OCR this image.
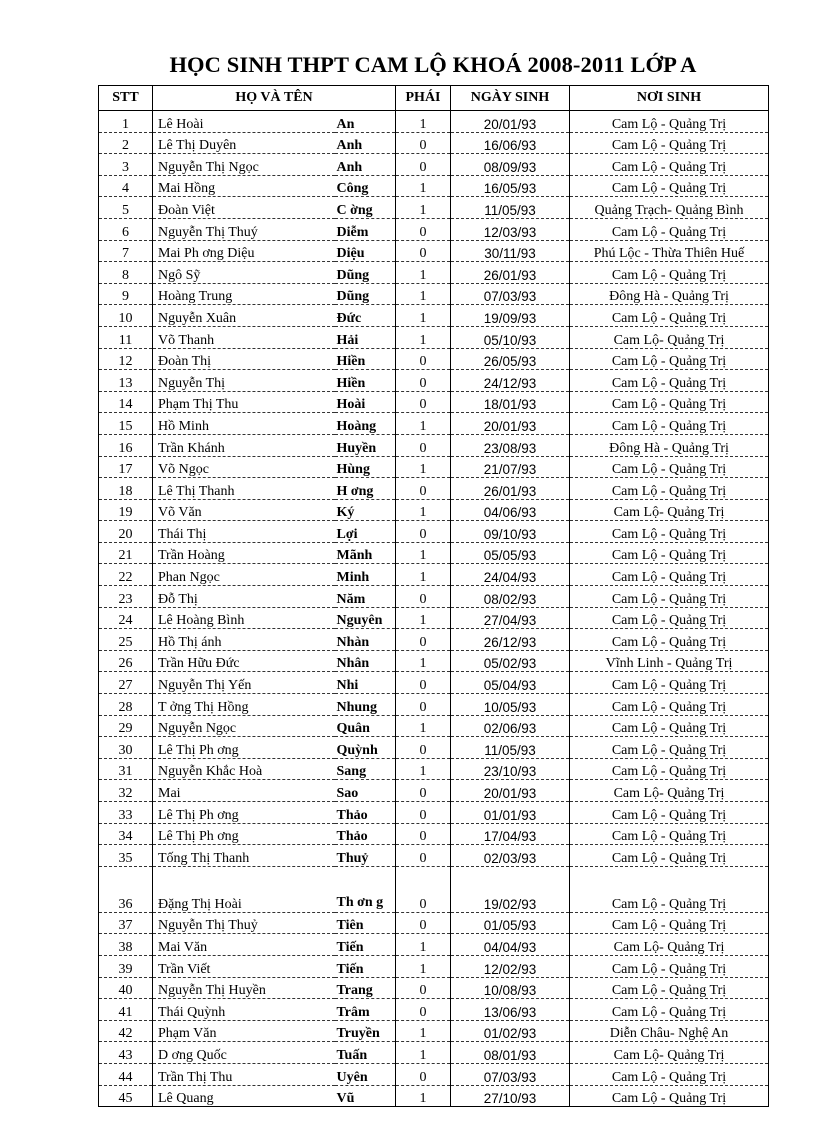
HỌC SINH THPT CAM LỘ KHOÁ 2008-2011 LỚP A
STT	HỌ VÀ TÊN		PHÁI	NGÀY SINH	NƠI SINH
1	Lê Hoài	An	1	20/01/93	Cam Lộ - Quảng Trị
2	Lê Thị Duyên	Anh	0	16/06/93	Cam Lộ - Quảng Trị
3	Nguyễn Thị Ngọc	Anh	0	08/09/93	Cam Lộ - Quảng Trị
4	Mai Hồng	Công	1	16/05/93	Cam Lộ - Quảng Trị
5	Đoàn Việt	C ờng	1	11/05/93	Quảng Trạch- Quảng Bình
6	Nguyễn Thị Thuý	Diễm	0	12/03/93	Cam Lộ - Quảng Trị
7	Mai Ph ơng Diệu	Diệu	0	30/11/93	Phú Lộc - Thừa Thiên Huế
8	Ngô Sỹ	Dũng	1	26/01/93	Cam Lộ - Quảng Trị
9	Hoàng Trung	Dũng	1	07/03/93	Đông Hà - Quảng Trị
10	Nguyễn Xuân	Đức	1	19/09/93	Cam Lộ - Quảng Trị
11	Võ Thanh	Hải	1	05/10/93	Cam Lộ- Quảng Trị
12	Đoàn Thị	Hiền	0	26/05/93	Cam Lộ - Quảng Trị
13	Nguyễn Thị	Hiền	0	24/12/93	Cam Lộ - Quảng Trị
14	Phạm Thị Thu	Hoài	0	18/01/93	Cam Lộ - Quảng Trị
15	Hồ Minh	Hoàng	1	20/01/93	Cam Lộ - Quảng Trị
16	Trần Khánh	Huyền	0	23/08/93	Đông Hà - Quảng Trị
17	Võ Ngọc	Hùng	1	21/07/93	Cam Lộ - Quảng Trị
18	Lê Thị Thanh	H ơng	0	26/01/93	Cam Lộ - Quảng Trị
19	Võ Văn	Ký	1	04/06/93	Cam Lộ- Quảng Trị
20	Thái Thị	Lợi	0	09/10/93	Cam Lộ - Quảng Trị
21	Trần Hoàng	Mãnh	1	05/05/93	Cam Lộ - Quảng Trị
22	Phan Ngọc	Minh	1	24/04/93	Cam Lộ - Quảng Trị
23	Đỗ Thị	Năm	0	08/02/93	Cam Lộ - Quảng Trị
24	Lê Hoàng Bình	Nguyên	1	27/04/93	Cam Lộ - Quảng Trị
25	Hồ Thị ánh	Nhàn	0	26/12/93	Cam Lộ - Quảng Trị
26	Trần Hữu Đức	Nhân	1	05/02/93	Vĩnh Linh - Quảng Trị
27	Nguyễn Thị Yến	Nhi	0	05/04/93	Cam Lộ - Quảng Trị
28	T ởng Thị Hồng	Nhung	0	10/05/93	Cam Lộ - Quảng Trị
29	Nguyễn Ngọc	Quân	1	02/06/93	Cam Lộ - Quảng Trị
30	Lê Thị Ph ơng	Quỳnh	0	11/05/93	Cam Lộ - Quảng Trị
31	Nguyễn Khắc Hoà	Sang	1	23/10/93	Cam Lộ - Quảng Trị
32	Mai	Sao	0	20/01/93	Cam Lộ- Quảng Trị
33	Lê Thị Ph ơng	Thảo	0	01/01/93	Cam Lộ - Quảng Trị
34	Lê Thị Ph ơng	Thảo	0	17/04/93	Cam Lộ - Quảng Trị
35	Tống Thị Thanh	Thuỷ	0	02/03/93	Cam Lộ - Quảng Trị
36	Đặng Thị Hoài	Th ơn g	0	19/02/93	Cam Lộ - Quảng Trị
37	Nguyễn Thị Thuỷ	Tiên	0	01/05/93	Cam Lộ - Quảng Trị
38	Mai Văn	Tiến	1	04/04/93	Cam Lộ- Quảng Trị
39	Trần Viết	Tiến	1	12/02/93	Cam Lộ - Quảng Trị
40	Nguyễn Thị Huyền	Trang	0	10/08/93	Cam Lộ - Quảng Trị
41	Thái Quỳnh	Trâm	0	13/06/93	Cam Lộ - Quảng Trị
42	Phạm Văn	Truyền	1	01/02/93	Diễn Châu- Nghệ An
43	D ơng Quốc	Tuấn	1	08/01/93	Cam Lộ- Quảng Trị
44	Trần Thị Thu	Uyên	0	07/03/93	Cam Lộ - Quảng Trị
45	Lê Quang	Vũ	1	27/10/93	Cam Lộ - Quảng Trị
